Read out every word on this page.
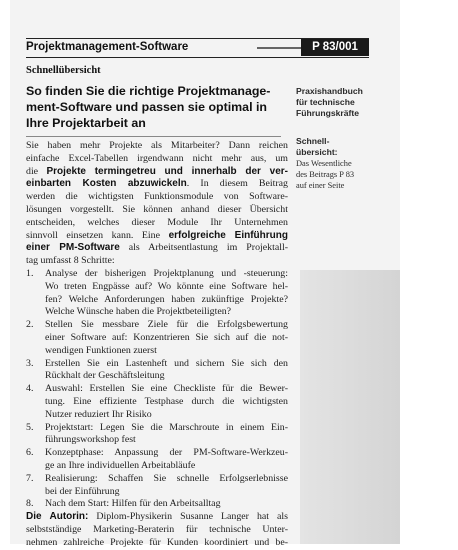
Projektmanagement-Software	P 83/001
Schnellübersicht
So finden Sie die richtige Projektmanage-
ment-Software und passen sie optimal in
Ihre Projektarbeit an
Sie haben mehr Projekte als Mitarbeiter? Dann reichen
einfache Excel-Tabellen irgendwann nicht mehr aus, um
die Projekte termingetreu und innerhalb der ver-
einbarten Kosten abzuwickeln. In diesem Beitrag
werden die wichtigsten Funktionsmodule von Software-
lösungen vorgestellt. Sie können anhand dieser Übersicht
entscheiden, welches dieser Module Ihr Unternehmen
sinnvoll einsetzen kann. Eine erfolgreiche Einführung
einer PM-Software als Arbeitsentlastung im Projektall-
tag umfasst 8 Schritte:
1. Analyse der bisherigen Projektplanung und -steuerung:
Wo treten Engpässe auf? Wo könnte eine Software hel-
fen? Welche Anforderungen haben zukünftige Projekte?
Welche Wünsche haben die Projektbeteiligten?
2. Stellen Sie messbare Ziele für die Erfolgsbewertung
einer Software auf: Konzentrieren Sie sich auf die not-
wendigen Funktionen zuerst
3. Erstellen Sie ein Lastenheft und sichern Sie sich den
Rückhalt der Geschäftsleitung
4. Auswahl: Erstellen Sie eine Checkliste für die Bewer-
tung. Eine effiziente Testphase durch die wichtigsten
Nutzer reduziert Ihr Risiko
5. Projektstart: Legen Sie die Marschroute in einem Ein-
führungsworkshop fest
6. Konzeptphase: Anpassung der PM-Software-Werkzeu-
ge an Ihre individuellen Arbeitabläufe
7. Realisierung: Schaffen Sie schnelle Erfolgserlebnisse
bei der Einführung
8. Nach dem Start: Hilfen für den Arbeitsalltag
Die Autorin: Diplom-Physikerin Susanne Langer hat als
selbstständige Marketing-Beraterin für technische Unter-
nehmen zahlreiche Projekte für Kunden koordiniert und be-
Praxishandbuch
für technische
Führungskräfte
Schnell-
übersicht:
Das Wesentliche
des Beitrags P 83
auf einer Seite	Schnellübersicht
